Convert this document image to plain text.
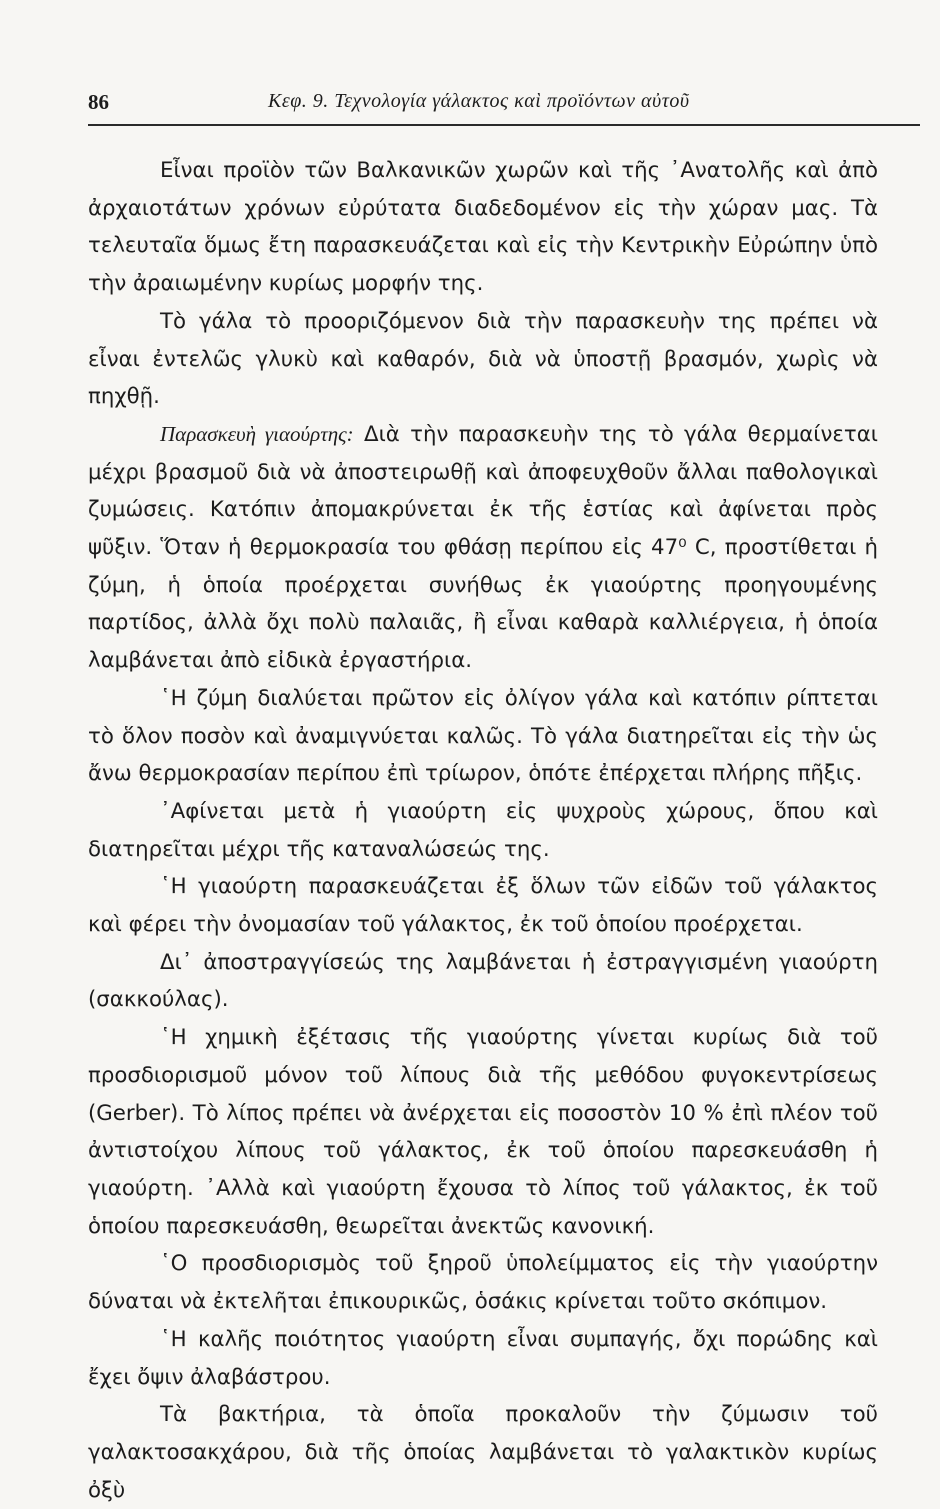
86	Κεφ. 9. Τεχνολογία γάλακτος καὶ προϊόντων αὐτοῦ

Εἶναι προϊὸν τῶν Βαλκανικῶν χωρῶν καὶ τῆς ᾿Ανατολῆς καὶ ἀπὸ ἀρχαιοτάτων χρόνων εὐρύτατα διαδεδομένον εἰς τὴν χώραν μας. Τὰ τελευταῖα ὅμως ἔτη παρασκευάζεται καὶ εἰς τὴν Κεντρικὴν Εὐρώπην ὑπὸ τὴν ἀραιωμένην κυρίως μορφήν της.

Τὸ γάλα τὸ προοριζόμενον διὰ τὴν παρασκευὴν της πρέπει νὰ εἶναι ἐντελῶς γλυκὺ καὶ καθαρόν, διὰ νὰ ὑποστῇ βρασμόν, χωρὶς νὰ πηχθῇ.

Παρασκευὴ γιαούρτης: Διὰ τὴν παρασκευὴν της τὸ γάλα θερμαίνεται μέχρι βρασμοῦ διὰ νὰ ἀποστειρωθῇ καὶ ἀποφευχθοῦν ἄλλαι παθολογικαὶ ζυμώσεις. Κατόπιν ἀπομακρύνεται ἐκ τῆς ἑστίας καὶ ἀφίνεται πρὸς ψῦξιν. Ὅταν ἡ θερμοκρασία του φθάσῃ περίπου εἰς 47⁰ C, προστίθεται ἡ ζύμη, ἡ ὁποία προέρχεται συνήθως ἐκ γιαούρτης προηγουμένης παρτίδος, ἀλλὰ ὄχι πολὺ παλαιᾶς, ἢ εἶναι καθαρὰ καλλιέργεια, ἡ ὁποία λαμβάνεται ἀπὸ εἰδικὰ ἐργαστήρια.

῾Η ζύμη διαλύεται πρῶτον εἰς ὀλίγον γάλα καὶ κατόπιν ρίπτεται τὸ ὅλον ποσὸν καὶ ἀναμιγνύεται καλῶς. Τὸ γάλα διατηρεῖται εἰς τὴν ὡς ἄνω θερμοκρασίαν περίπου ἐπὶ τρίωρον, ὁπότε ἐπέρχεται πλήρης πῆξις.

᾿Αφίνεται μετὰ ἡ γιαούρτη εἰς ψυχροὺς χώρους, ὅπου καὶ διατηρεῖται μέχρι τῆς καταναλώσεώς της.

῾Η γιαούρτη παρασκευάζεται ἐξ ὅλων τῶν εἰδῶν τοῦ γάλακτος καὶ φέρει τὴν ὀνομασίαν τοῦ γάλακτος, ἐκ τοῦ ὁποίου προέρχεται.

Δι᾿ ἀποστραγγίσεώς της λαμβάνεται ἡ ἐστραγγισμένη γιαούρτη (σακκούλας).

῾Η χημικὴ ἐξέτασις τῆς γιαούρτης γίνεται κυρίως διὰ τοῦ προσδιορισμοῦ μόνον τοῦ λίπους διὰ τῆς μεθόδου φυγοκεντρίσεως (Gerber). Τὸ λίπος πρέπει νὰ ἀνέρχεται εἰς ποσοστὸν 10 % ἐπὶ πλέον τοῦ ἀντιστοίχου λίπους τοῦ γάλακτος, ἐκ τοῦ ὁποίου παρεσκευάσθη ἡ γιαούρτη. ᾿Αλλὰ καὶ γιαούρτη ἔχουσα τὸ λίπος τοῦ γάλακτος, ἐκ τοῦ ὁποίου παρεσκευάσθη, θεωρεῖται ἀνεκτῶς κανονική.

῾Ο προσδιορισμὸς τοῦ ξηροῦ ὑπολείμματος εἰς τὴν γιαούρτην δύναται νὰ ἐκτελῆται ἐπικουρικῶς, ὁσάκις κρίνεται τοῦτο σκόπιμον.

῾Η καλῆς ποιότητος γιαούρτη εἶναι συμπαγής, ὄχι πορώδης καὶ ἔχει ὄψιν ἀλαβάστρου.

Τὰ βακτήρια, τὰ ὁποῖα προκαλοῦν τὴν ζύμωσιν τοῦ γαλακτοσακχάρου, διὰ τῆς ὁποίας λαμβάνεται τὸ γαλακτικὸν κυρίως ὀξὺ
